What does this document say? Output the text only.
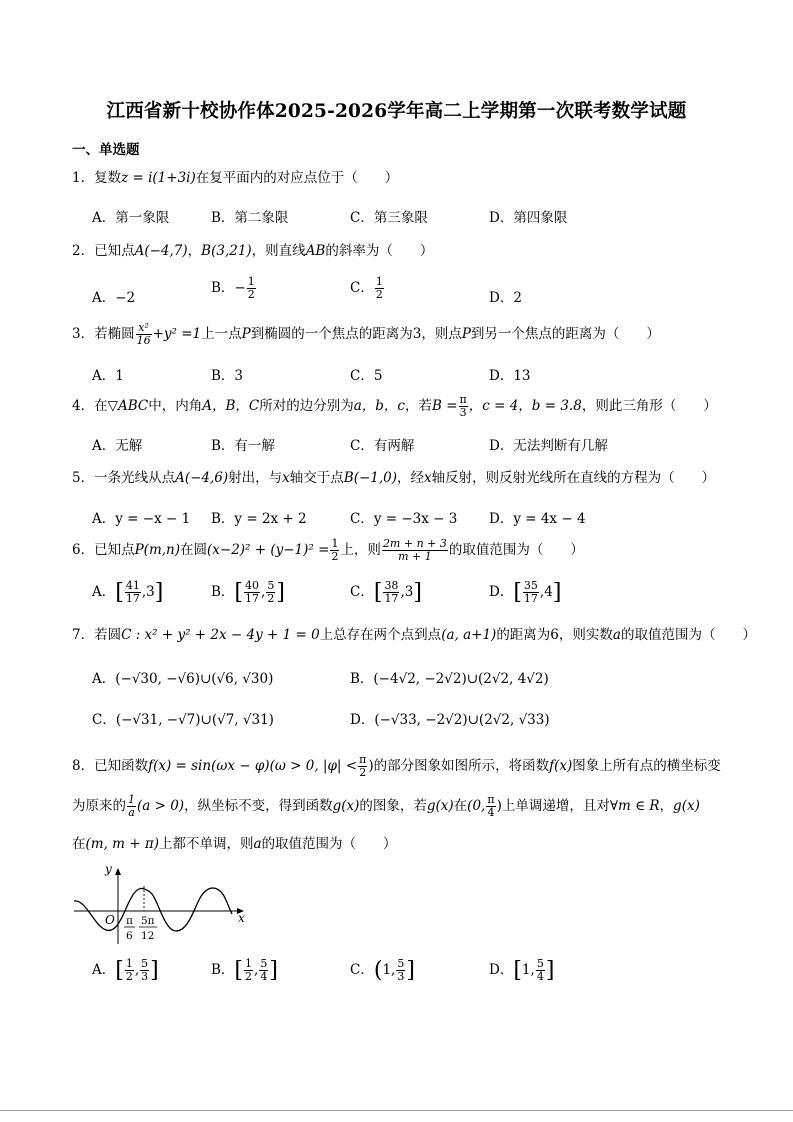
江西省新十校协作体2025-2026学年高二上学期第一次联考数学试题
一、单选题
1．复数z = i(1+3i)在复平面内的对应点位于（　　）
A．第一象限	B．第二象限	C．第三象限	D．第四象限
2．已知点A(−4,7)，B(3,21)，则直线AB的斜率为（　　）
A．−2
B．− $\frac{1}{2}$	C． $\frac{1}{2}$	D．2
3．若椭圆 $\frac{\text{x²}}{16} +y^2 =1$上一点P到椭圆的一个焦点的距离为3，则点P到另一个焦点的距离为（　　）
A．1	B．3	C．5	D．13
4．在▽ABC中，内角A，B，C所对的边分别为a，b，c，若$B = \frac{\pi}{3}$ ，c = 4，b = 3.8，则此三角形（　　）
A．无解	B．有一解	C．有两解	D．无法判断有几解
5．一条光线从点A(−4,6)射出，与x轴交于点B(−1,0)，经x轴反射，则反射光线所在直线的方程为（　　）
A．y = −x − 1 B．y = 2x + 2	C．y = −3x − 3 D．y = 4x − 4
6．已知点P(m,n)在圆$(x-2)^2 + (y-1)^2 = \frac{1}{2}$ 上，则 $\frac{2m + n + 3}{m + 1}$ 的取值范围为（　　）
A．[ $\frac{41}{17} ,3$]	B．[ $\frac{40}{17}$ , $\frac{5}{2}$ ]	C．[ $\frac{38}{17} ,3$]	D．[ $\frac{35}{17} ,4$]
7．若圆C : x² + y² + 2x − 4y + 1 = 0上总存在两个点到点(a, a+1)的距离为6，则实数a的取值范围为（　　）
A．(−√30, −√6)∪(√6, √30)	B．(−4√2, −2√2)∪(2√2, 4√2)
C．(−√31, −√7)∪(√7, √31)	D．(−√33, −2√2)∪(2√2, √33)
8．已知函数f(x) = sin(ωx − φ)(ω > 0, $|\varphi| < \frac{\pi}{2}$ )的部分图象如图所示，将函数f(x)图象上所有点的横坐标变
为原来的 $\frac{1}{a} (a > 0)$，纵坐标不变，得到函数g(x)的图象，若g(x)在(0, $\frac{\pi}{4}$ )上单调递增，且对∀m ∈ R，g(x)
在(m, m + π)上都不单调，则a的取值范围为（　　）
y
x
O π
6
5π
12
A．[ $\frac{1}{2}$ , $\frac{5}{3}$ ]	B．[ $\frac{1}{2}$ , $\frac{5}{4}$ ]	C．(1, $\frac{5}{3}$ ]	D．[1, $\frac{5}{4}$ ]
